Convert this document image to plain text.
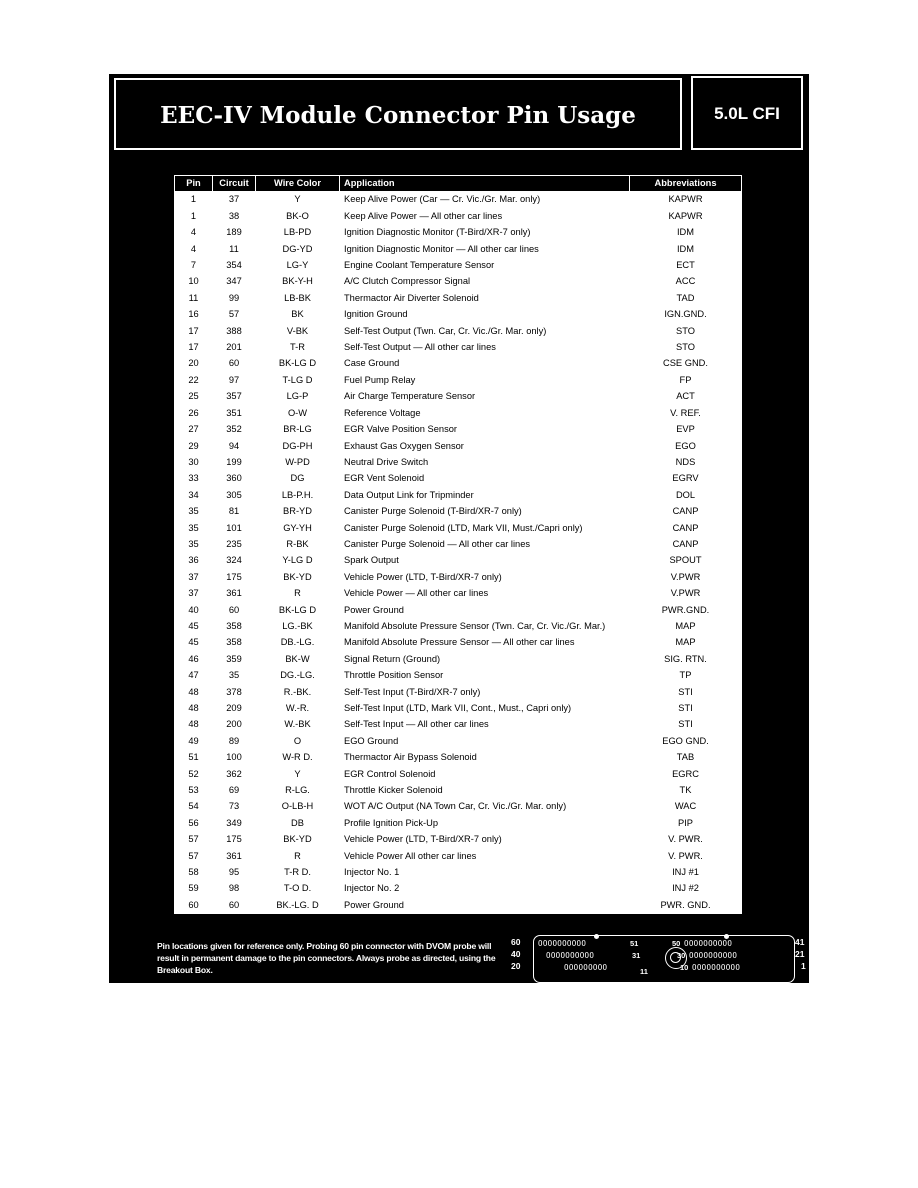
EEC-IV Module Connector Pin Usage	5.0L CFI
Pin	Circuit	Wire Color	Application	Abbreviations
1	37	Y	Keep Alive Power (Car — Cr. Vic./Gr. Mar. only)	KAPWR
1	38	BK-O	Keep Alive Power — All other car lines	KAPWR
4	189	LB-PD	Ignition Diagnostic Monitor (T-Bird/XR-7 only)	IDM
4	11	DG-YD	Ignition Diagnostic Monitor — All other car lines	IDM
7	354	LG-Y	Engine Coolant Temperature Sensor	ECT
10	347	BK-Y-H	A/C Clutch Compressor Signal	ACC
11	99	LB-BK	Thermactor Air Diverter Solenoid	TAD
16	57	BK	Ignition Ground	IGN.GND.
17	388	V-BK	Self-Test Output (Twn. Car, Cr. Vic./Gr. Mar. only)	STO
17	201	T-R	Self-Test Output — All other car lines	STO
20	60	BK-LG D	Case Ground	CSE GND.
22	97	T-LG D	Fuel Pump Relay	FP
25	357	LG-P	Air Charge Temperature Sensor	ACT
26	351	O-W	Reference Voltage	V. REF.
27	352	BR-LG	EGR Valve Position Sensor	EVP
29	94	DG-PH	Exhaust Gas Oxygen Sensor	EGO
30	199	W-PD	Neutral Drive Switch	NDS
33	360	DG	EGR Vent Solenoid	EGRV
34	305	LB-P.H.	Data Output Link for Tripminder	DOL
35	81	BR-YD	Canister Purge Solenoid (T-Bird/XR-7 only)	CANP
35	101	GY-YH	Canister Purge Solenoid (LTD, Mark VII, Must./Capri only)	CANP
35	235	R-BK	Canister Purge Solenoid — All other car lines	CANP
36	324	Y-LG D	Spark Output	SPOUT
37	175	BK-YD	Vehicle Power (LTD, T-Bird/XR-7 only)	V.PWR
37	361	R	Vehicle Power — All other car lines	V.PWR
40	60	BK-LG D	Power Ground	PWR.GND.
45	358	LG.-BK	Manifold Absolute Pressure Sensor (Twn. Car, Cr. Vic./Gr. Mar.)	MAP
45	358	DB.-LG.	Manifold Absolute Pressure Sensor — All other car lines	MAP
46	359	BK-W	Signal Return (Ground)	SIG. RTN.
47	35	DG.-LG.	Throttle Position Sensor	TP
48	378	R.-BK.	Self-Test Input (T-Bird/XR-7 only)	STI
48	209	W.-R.	Self-Test Input (LTD, Mark VII, Cont., Must., Capri only)	STI
48	200	W.-BK	Self-Test Input — All other car lines	STI
49	89	O	EGO Ground	EGO GND.
51	100	W-R D.	Thermactor Air Bypass Solenoid	TAB
52	362	Y	EGR Control Solenoid	EGRC
53	69	R-LG.	Throttle Kicker Solenoid	TK
54	73	O-LB-H	WOT A/C Output (NA Town Car, Cr. Vic./Gr. Mar. only)	WAC
56	349	DB	Profile Ignition Pick-Up	PIP
57	175	BK-YD	Vehicle Power (LTD, T-Bird/XR-7 only)	V. PWR.
57	361	R	Vehicle Power All other car lines	V. PWR.
58	95	T-R D.	Injector No. 1	INJ #1
59	98	T-O D.	Injector No. 2	INJ #2
60	60	BK.-LG. D	Power Ground	PWR. GND.
Pin locations given for reference only. Probing 60 pin connector with DVOM probe will result in permanent damage to the pin connectors. Always probe as directed, using the Breakout Box.
60
40
20
41
21
1
OOOOOOOOOO	51	50 OOOOOOOOOO
OOOOOOOOOO	31	30 OOOOOOOOOO
OOOOOOOOO	11	10 OOOOOOOOOO
